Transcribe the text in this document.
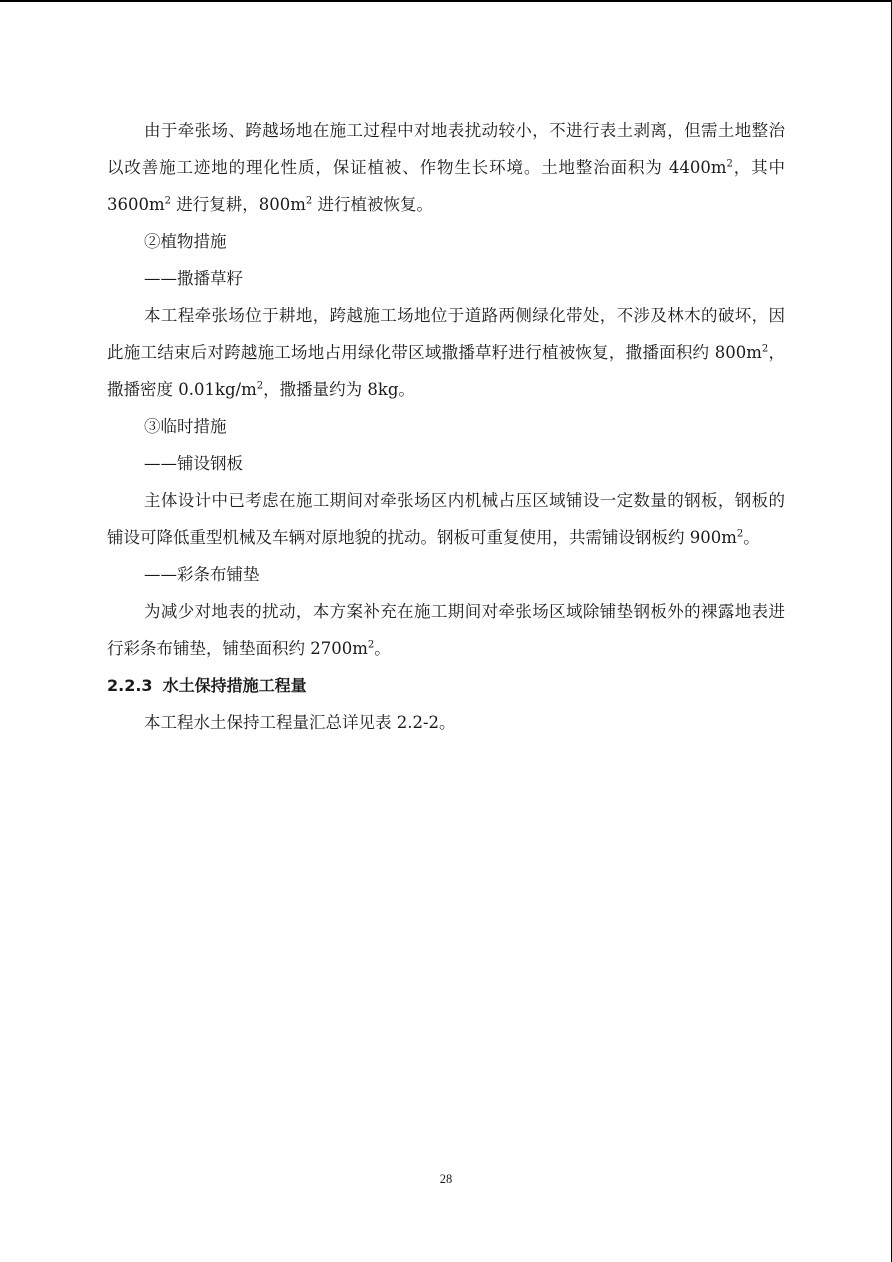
由于牵张场、跨越场地在施工过程中对地表扰动较小，不进行表土剥离，但需土地整治以改善施工迹地的理化性质，保证植被、作物生长环境。土地整治面积为 $4400m^2$，其中 $3600m^2$ 进行复耕，$800m^2$ 进行植被恢复。

②植物措施

——撒播草籽

本工程牵张场位于耕地，跨越施工场地位于道路两侧绿化带处，不涉及林木的破坏，因此施工结束后对跨越施工场地占用绿化带区域撒播草籽进行植被恢复，撒播面积约 $800m^2$，撒播密度 $0.01kg/m^2$，撒播量约为 8kg。

③临时措施

——铺设钢板

主体设计中已考虑在施工期间对牵张场区内机械占压区域铺设一定数量的钢板，钢板的铺设可降低重型机械及车辆对原地貌的扰动。钢板可重复使用，共需铺设钢板约 $900m^2$。

——彩条布铺垫

为减少对地表的扰动，本方案补充在施工期间对牵张场区域除铺垫钢板外的裸露地表进行彩条布铺垫，铺垫面积约 $2700m^2$。

2.2.3 水土保持措施工程量

本工程水土保持工程量汇总详见表 2.2-2。

28
